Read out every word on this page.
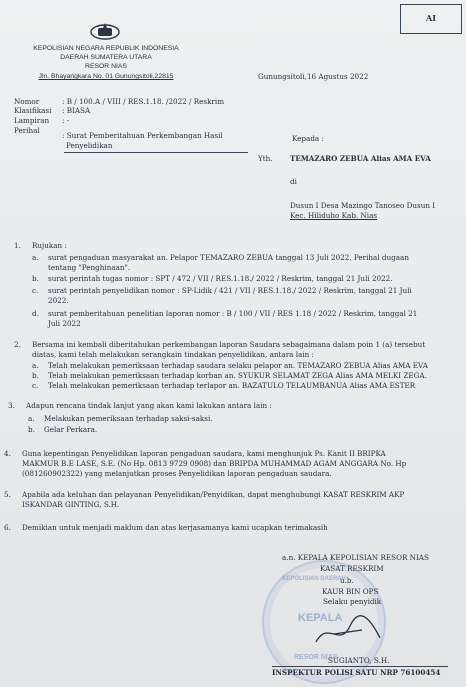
AI
KEPOLISIAN NEGARA REPUBLIK INDONESIA
DAERAH SUMATERA UTARA
RESOR NIAS
Jln. Bhayangkara No. 01 Gunungsitoli,22815	Gunungsitoli,16 Agustus 2022
Nomor	: B / 100.A / VIII / RES.1.18. /2022 / Reskrim
Klasifikasi : BIASA
Lampiran : -
Perihal
: Surat Pemberitahuan Perkembangan Hasil
Penyelidikan
Kepada :
Yth. TEMAZARO ZEBUA Alias AMA EVA
di
Dusun I Desa Mazingo Tanoseo Dusun I
Kec. Hiliduho Kab. Nias
1. Rujukan :
a. surat pengaduan masyarakat an. Pelapor TEMAZARO ZEBUA tanggal 13 Juli 2022, Perihal dugaan
tentang "Penghinaan".
b. surat perintah tugas nomor : SPT / 472 / VII / RES.1.18./ 2022 / Reskrim, tanggal 21 Juli 2022.
c. surat perintah penyelidikan nomor : SP-Lidik / 421 / VII / RES.1.18./ 2022 / Reskrim, tanggal 21 Juli
2022.
d. surat pemberitahuan penelitian laporan nomor : B / 100 / VII / RES 1.18 / 2022 / Reskrim, tanggal 21
Juli 2022
2. Bersama ini kembali diberitahukan perkembangan laporan Saudara sebagaimana dalam poin 1 (a) tersebut
diatas, kami telah melakukan serangkain tindakan penyelidikan, antara lain :
a. Telah melakukan pemeriksaan terhadap saudara selaku pelapor an. TEMAZARO ZEBUA Alias AMA EVA
b. Telah melakukan pemeriksaan terhadap korban an. SYUKUR SELAMAT ZEGA Alias AMA MELKI ZEGA.
c. Telah melakukan pemeriksaan terhadap terlapor an. BAZATULO TELAUMBANUA Alias AMA ESTER
3. Adapun rencana tindak lanjut yang akan kami lakukan antara lain :
a. Melakukan pemeriksaan terhadap saksi-saksi.
b. Gelar Perkara.
4. Guna kepentingan Penyelidikan laporan pengaduan saudara, kami menghunjuk Ps. Kanit II BRIPKA
MAKMUR B.E LASE, S.E. (No Hp. 0813 9729 0908) dan BRIPDA MUHAMMAD AGAM ANGGARA No. Hp
(081260902322) yang melanjutkan proses Penyelidikan laporan pengaduan saudara.
5. Apabila ada keluhan dan pelayanan Penyelidikan/Penyidikan, dapat menghubungi KASAT RESKRIM AKP
ISKANDAR GINTING, S.H.
6. Demikian untuk menjadi maklum dan atas kerjasamanya kami ucapkan terimakasih
KEPOLISIAN DAERAH
KEPALA
RESOR NIAS
a.n. KEPALA KEPOLISIAN RESOR NIAS
KASAT RESKRIM
u.b.
KAUR BIN OPS
Selaku penyidik
SUGIANTO, S.H.
INSPEKTUR POLISI SATU NRP 76100454
